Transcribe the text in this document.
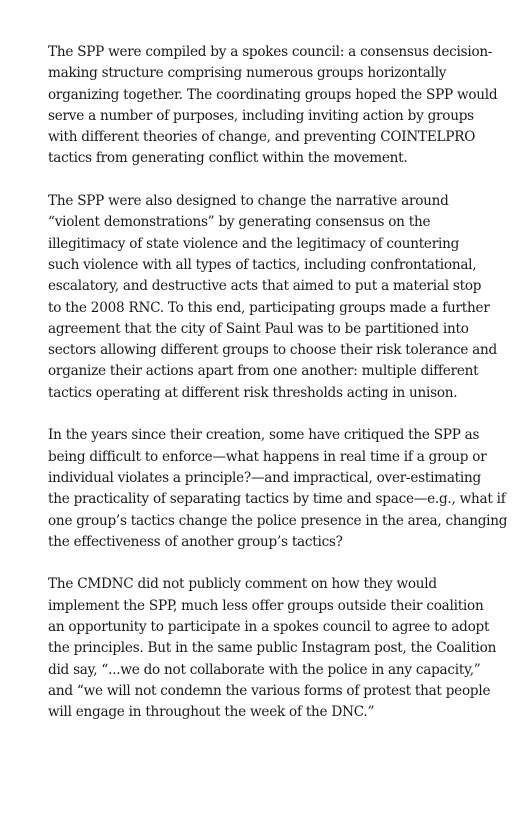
The SPP were compiled by a spokes council: a consensus decision-
making structure comprising numerous groups horizontally
organizing together. The coordinating groups hoped the SPP would
serve a number of purposes, including inviting action by groups
with different theories of change, and preventing COINTELPRO
tactics from generating conflict within the movement.

The SPP were also designed to change the narrative around
“violent demonstrations” by generating consensus on the
illegitimacy of state violence and the legitimacy of countering
such violence with all types of tactics, including confrontational,
escalatory, and destructive acts that aimed to put a material stop
to the 2008 RNC. To this end, participating groups made a further
agreement that the city of Saint Paul was to be partitioned into
sectors allowing different groups to choose their risk tolerance and
organize their actions apart from one another: multiple different
tactics operating at different risk thresholds acting in unison.

In the years since their creation, some have critiqued the SPP as
being difficult to enforce—what happens in real time if a group or
individual violates a principle?—and impractical, over-estimating
the practicality of separating tactics by time and space—e.g., what if
one group’s tactics change the police presence in the area, changing
the effectiveness of another group’s tactics?

The CMDNC did not publicly comment on how they would
implement the SPP, much less offer groups outside their coalition
an opportunity to participate in a spokes council to agree to adopt
the principles. But in the same public Instagram post, the Coalition
did say, “...we do not collaborate with the police in any capacity,”
and “we will not condemn the various forms of protest that people
will engage in throughout the week of the DNC.”
